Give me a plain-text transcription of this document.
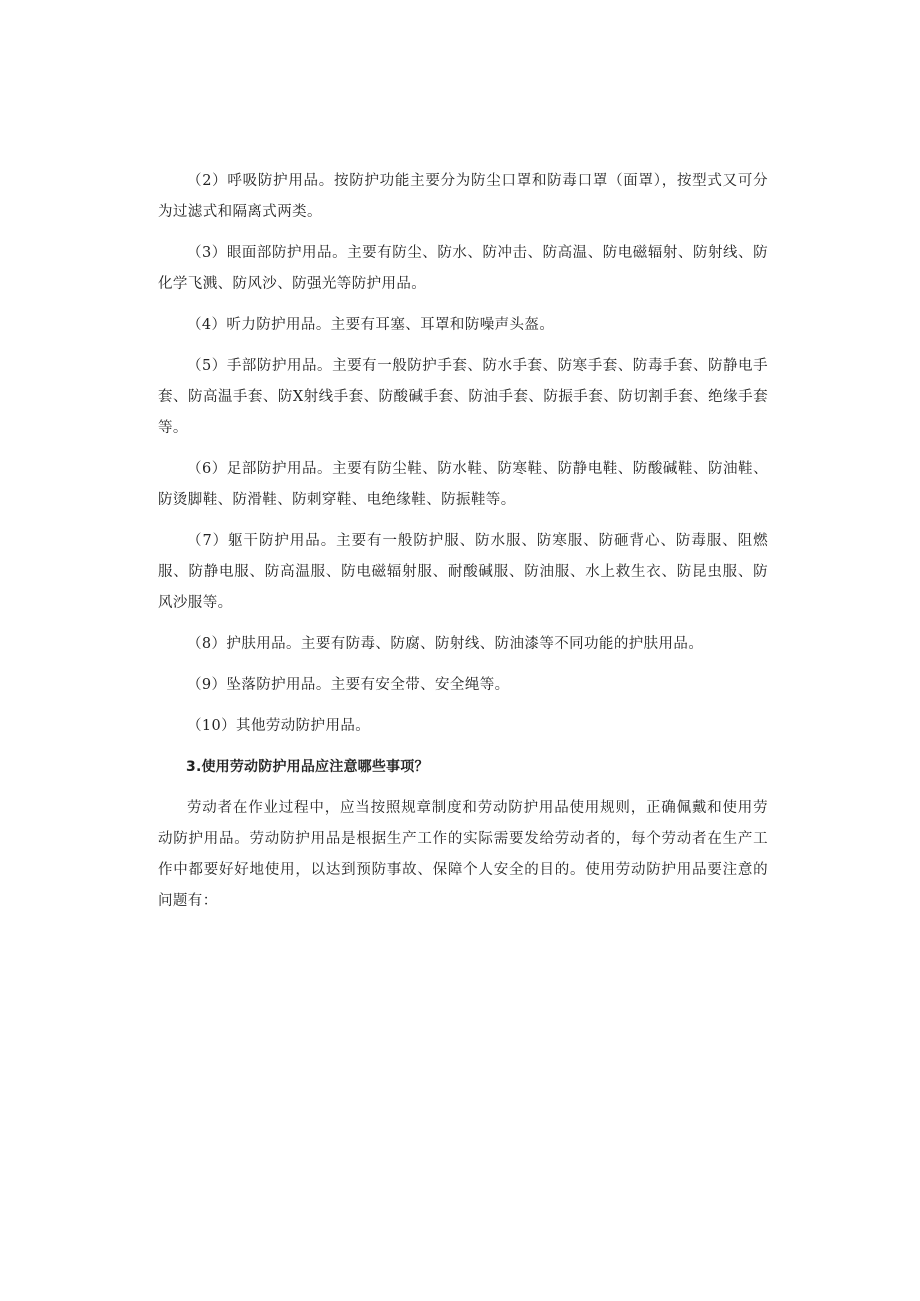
（2）呼吸防护用品。按防护功能主要分为防尘口罩和防毒口罩（面罩），按型式又可分为过滤式和隔离式两类。

（3）眼面部防护用品。主要有防尘、防水、防冲击、防高温、防电磁辐射、防射线、防化学飞溅、防风沙、防强光等防护用品。

（4）听力防护用品。主要有耳塞、耳罩和防噪声头盔。

（5）手部防护用品。主要有一般防护手套、防水手套、防寒手套、防毒手套、防静电手套、防高温手套、防X射线手套、防酸碱手套、防油手套、防振手套、防切割手套、绝缘手套等。

（6）足部防护用品。主要有防尘鞋、防水鞋、防寒鞋、防静电鞋、防酸碱鞋、防油鞋、防烫脚鞋、防滑鞋、防刺穿鞋、电绝缘鞋、防振鞋等。

（7）躯干防护用品。主要有一般防护服、防水服、防寒服、防砸背心、防毒服、阻燃服、防静电服、防高温服、防电磁辐射服、耐酸碱服、防油服、水上救生衣、防昆虫服、防风沙服等。

（8）护肤用品。主要有防毒、防腐、防射线、防油漆等不同功能的护肤用品。

（9）坠落防护用品。主要有安全带、安全绳等。

（10）其他劳动防护用品。

3.使用劳动防护用品应注意哪些事项？

劳动者在作业过程中，应当按照规章制度和劳动防护用品使用规则，正确佩戴和使用劳动防护用品。劳动防护用品是根据生产工作的实际需要发给劳动者的，每个劳动者在生产工作中都要好好地使用，以达到预防事故、保障个人安全的目的。使用劳动防护用品要注意的问题有：
